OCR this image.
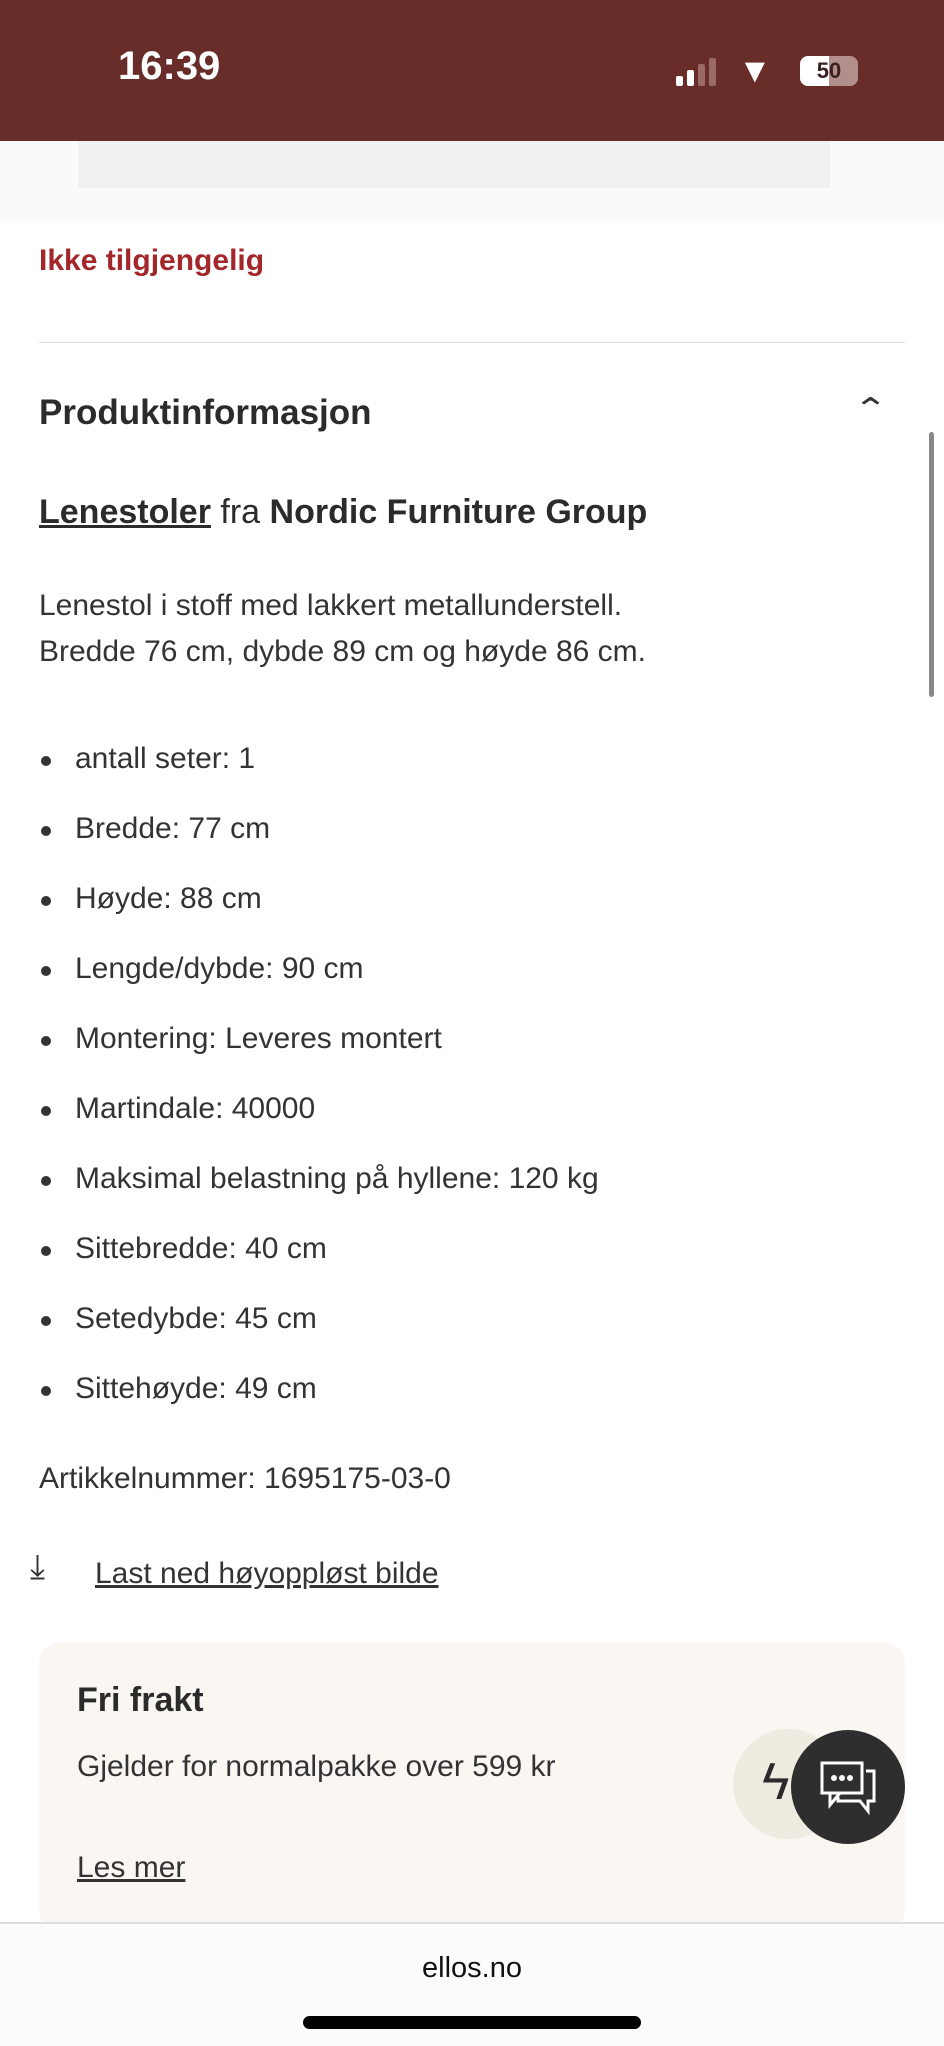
16:39	▼	50
Ikke tilgjengelig
Produktinformasjon	⌃
Lenestoler fra Nordic Furniture Group
Lenestol i stoff med lakkert metallunderstell.
Bredde 76 cm, dybde 89 cm og høyde 86 cm.
antall seter: 1
Bredde: 77 cm
Høyde: 88 cm
Lengde/dybde: 90 cm
Montering: Leveres montert
Martindale: 40000
Maksimal belastning på hyllene: 120 kg
Sittebredde: 40 cm
Setedybde: 45 cm
Sittehøyde: 49 cm
Artikkelnummer: 1695175-03-0
⤓ Last ned høyoppløst bilde
Fri frakt
Gjelder for normalpakke over 599 kr
Les mer
ϟ
ellos.no
